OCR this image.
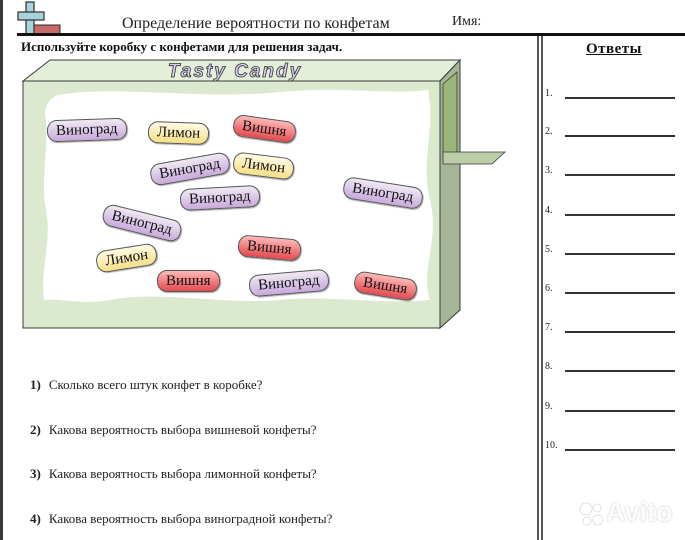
Определение вероятности по конфетам	Имя:
Используйте коробку с конфетами для решения задач.
Tasty Candy
Виноград	Лимон	Вишня
Виноград	Лимон
Виноград	Виноград
Виноград
Вишня
Лимон
Вишня	Виноград	Вишня
1) Сколько всего штук конфет в коробке?
2) Какова вероятность выбора вишневой конфеты?
3) Какова вероятность выбора лимонной конфеты?
4) Какова вероятность выбора виноградной конфеты?
Ответы
1.
2.
3.
4.
5.
6.
7.
8.
9.
10.
Avito
